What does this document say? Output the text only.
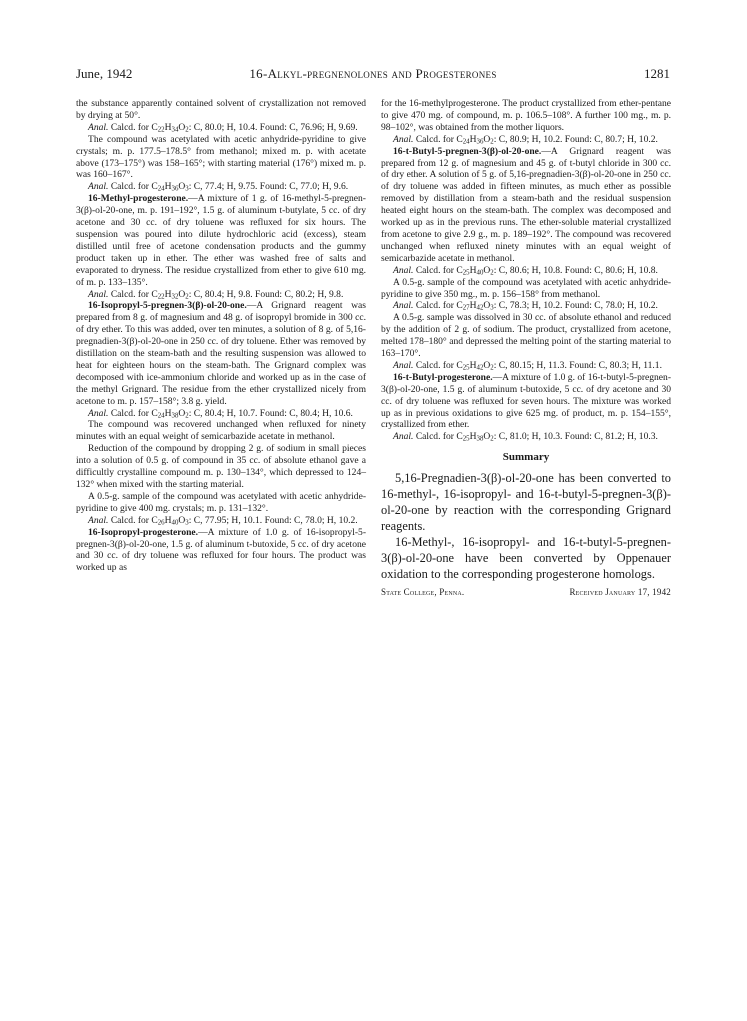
June, 1942	16-Alkyl-pregnenolones and Progesterones	1281

the substance apparently contained solvent of crystallization not removed by drying at 50°.

Anal. Calcd. for $C_{22}H_{34}O_2$: C, 80.0; H, 10.4. Found: C, 76.96; H, 9.69.

The compound was acetylated with acetic anhydride-pyridine to give crystals; m. p. 177.5–178.5° from methanol; mixed m. p. with acetate above (173–175°) was 158–165°; with starting material (176°) mixed m. p. was 160–167°.

Anal. Calcd. for $C_{24}H_{36}O_3$: C, 77.4; H, 9.75. Found: C, 77.0; H, 9.6.

16-Methyl-progesterone.—A mixture of 1 g. of 16-methyl-5-pregnen-3(β)-ol-20-one, m. p. 191–192°, 1.5 g. of aluminum t-butylate, 5 cc. of dry acetone and 30 cc. of dry toluene was refluxed for six hours. The suspension was poured into dilute hydrochloric acid (excess), steam distilled until free of acetone condensation products and the gummy product taken up in ether. The ether was washed free of salts and evaporated to dryness. The residue crystallized from ether to give 610 mg. of m. p. 133–135°.

Anal. Calcd. for $C_{22}H_{32}O_2$: C, 80.4; H, 9.8. Found: C, 80.2; H, 9.8.

16-Isopropyl-5-pregnen-3(β)-ol-20-one.—A Grignard reagent was prepared from 8 g. of magnesium and 48 g. of isopropyl bromide in 300 cc. of dry ether. To this was added, over ten minutes, a solution of 8 g. of 5,16-pregnadien-3(β)-ol-20-one in 250 cc. of dry toluene. Ether was removed by distillation on the steam-bath and the resulting suspension was allowed to heat for eighteen hours on the steam-bath. The Grignard complex was decomposed with ice-ammonium chloride and worked up as in the case of the methyl Grignard. The residue from the ether crystallized nicely from acetone to m. p. 157–158°; 3.8 g. yield.

Anal. Calcd. for $C_{24}H_{38}O_2$: C, 80.4; H, 10.7. Found: C, 80.4; H, 10.6.

The compound was recovered unchanged when refluxed for ninety minutes with an equal weight of semicarbazide acetate in methanol.

Reduction of the compound by dropping 2 g. of sodium in small pieces into a solution of 0.5 g. of compound in 35 cc. of absolute ethanol gave a difficultly crystalline compound m. p. 130–134°, which depressed to 124–132° when mixed with the starting material.

A 0.5-g. sample of the compound was acetylated with acetic anhydride-pyridine to give 400 mg. crystals; m. p. 131–132°.

Anal. Calcd. for $C_{26}H_{40}O_3$: C, 77.95; H, 10.1. Found: C, 78.0; H, 10.2.

16-Isopropyl-progesterone.—A mixture of 1.0 g. of 16-isopropyl-5-pregnen-3(β)-ol-20-one, 1.5 g. of aluminum t-butoxide, 5 cc. of dry acetone and 30 cc. of dry toluene was refluxed for four hours. The product was worked up as

for the 16-methylprogesterone. The product crystallized from ether-pentane to give 470 mg. of compound, m. p. 106.5–108°. A further 100 mg., m. p. 98–102°, was obtained from the mother liquors.

Anal. Calcd. for $C_{24}H_{36}O_2$: C, 80.9; H, 10.2. Found: C, 80.7; H, 10.2.

16-t-Butyl-5-pregnen-3(β)-ol-20-one.—A Grignard reagent was prepared from 12 g. of magnesium and 45 g. of t-butyl chloride in 300 cc. of dry ether. A solution of 5 g. of 5,16-pregnadien-3(β)-ol-20-one in 250 cc. of dry toluene was added in fifteen minutes, as much ether as possible removed by distillation from a steam-bath and the residual suspension heated eight hours on the steam-bath. The complex was decomposed and worked up as in the previous runs. The ether-soluble material crystallized from acetone to give 2.9 g., m. p. 189–192°. The compound was recovered unchanged when refluxed ninety minutes with an equal weight of semicarbazide acetate in methanol.

Anal. Calcd. for $C_{25}H_{40}O_2$: C, 80.6; H, 10.8. Found: C, 80.6; H, 10.8.

A 0.5-g. sample of the compound was acetylated with acetic anhydride-pyridine to give 350 mg., m. p. 156–158° from methanol.

Anal. Calcd. for $C_{27}H_{42}O_3$: C, 78.3; H, 10.2. Found: C, 78.0; H, 10.2.

A 0.5-g. sample was dissolved in 30 cc. of absolute ethanol and reduced by the addition of 2 g. of sodium. The product, crystallized from acetone, melted 178–180° and depressed the melting point of the starting material to 163–170°.

Anal. Calcd. for $C_{25}H_{42}O_2$: C, 80.15; H, 11.3. Found: C, 80.3; H, 11.1.

16-t-Butyl-progesterone.—A mixture of 1.0 g. of 16-t-butyl-5-pregnen-3(β)-ol-20-one, 1.5 g. of aluminum t-butoxide, 5 cc. of dry acetone and 30 cc. of dry toluene was refluxed for seven hours. The mixture was worked up as in previous oxidations to give 625 mg. of product, m. p. 154–155°, crystallized from ether.

Anal. Calcd. for $C_{25}H_{38}O_2$: C, 81.0; H, 10.3. Found: C, 81.2; H, 10.3.

Summary

5,16-Pregnadien-3(β)-ol-20-one has been converted to 16-methyl-, 16-isopropyl- and 16-t-butyl-5-pregnen-3(β)-ol-20-one by reaction with the corresponding Grignard reagents.

16-Methyl-, 16-isopropyl- and 16-t-butyl-5-pregnen-3(β)-ol-20-one have been converted by Oppenauer oxidation to the corresponding progesterone homologs.

State College, Penna.	Received January 17, 1942
